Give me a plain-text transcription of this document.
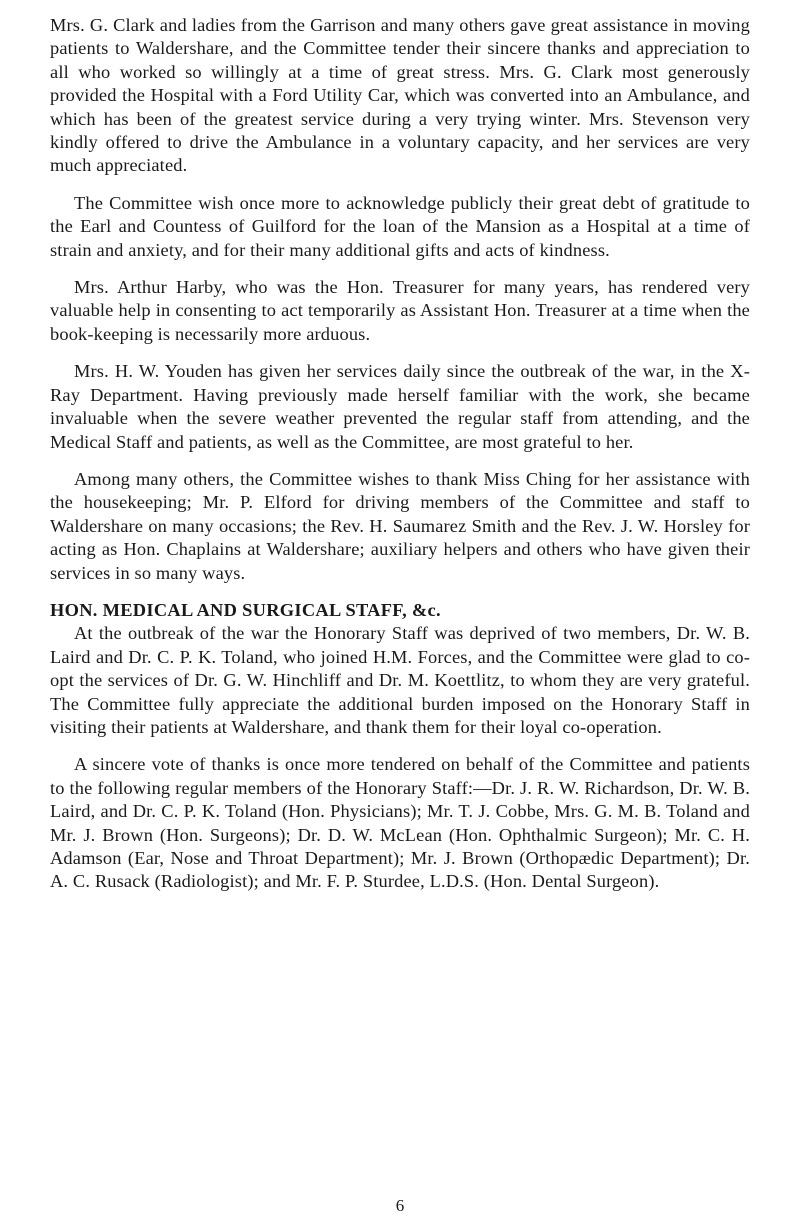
Mrs. G. Clark and ladies from the Garrison and many others gave great assistance in moving patients to Waldershare, and the Committee tender their sincere thanks and appreciation to all who worked so willingly at a time of great stress. Mrs. G. Clark most generously provided the Hospital with a Ford Utility Car, which was converted into an Ambulance, and which has been of the greatest service during a very trying winter. Mrs. Stevenson very kindly offered to drive the Ambulance in a voluntary capacity, and her services are very much appreciated.

The Committee wish once more to acknowledge publicly their great debt of gratitude to the Earl and Countess of Guilford for the loan of the Mansion as a Hospital at a time of strain and anxiety, and for their many additional gifts and acts of kindness.

Mrs. Arthur Harby, who was the Hon. Treasurer for many years, has rendered very valuable help in consenting to act temporarily as Assistant Hon. Treasurer at a time when the book-keeping is necessarily more arduous.

Mrs. H. W. Youden has given her services daily since the outbreak of the war, in the X-Ray Department. Having previously made herself familiar with the work, she became invaluable when the severe weather prevented the regular staff from attending, and the Medical Staff and patients, as well as the Committee, are most grateful to her.

Among many others, the Committee wishes to thank Miss Ching for her assistance with the housekeeping; Mr. P. Elford for driving members of the Committee and staff to Waldershare on many occasions; the Rev. H. Saumarez Smith and the Rev. J. W. Horsley for acting as Hon. Chaplains at Waldershare; auxiliary helpers and others who have given their services in so many ways.

HON. MEDICAL AND SURGICAL STAFF, &c.

At the outbreak of the war the Honorary Staff was deprived of two members, Dr. W. B. Laird and Dr. C. P. K. Toland, who joined H.M. Forces, and the Committee were glad to co-opt the services of Dr. G. W. Hinchliff and Dr. M. Koettlitz, to whom they are very grateful. The Committee fully appreciate the additional burden imposed on the Honorary Staff in visiting their patients at Waldershare, and thank them for their loyal co-operation.

A sincere vote of thanks is once more tendered on behalf of the Committee and patients to the following regular members of the Honorary Staff:—Dr. J. R. W. Richardson, Dr. W. B. Laird, and Dr. C. P. K. Toland (Hon. Physicians); Mr. T. J. Cobbe, Mrs. G. M. B. Toland and Mr. J. Brown (Hon. Surgeons); Dr. D. W. McLean (Hon. Ophthalmic Surgeon); Mr. C. H. Adamson (Ear, Nose and Throat Department); Mr. J. Brown (Orthopædic Department); Dr. A. C. Rusack (Radiologist); and Mr. F. P. Sturdee, L.D.S. (Hon. Dental Surgeon).

6
